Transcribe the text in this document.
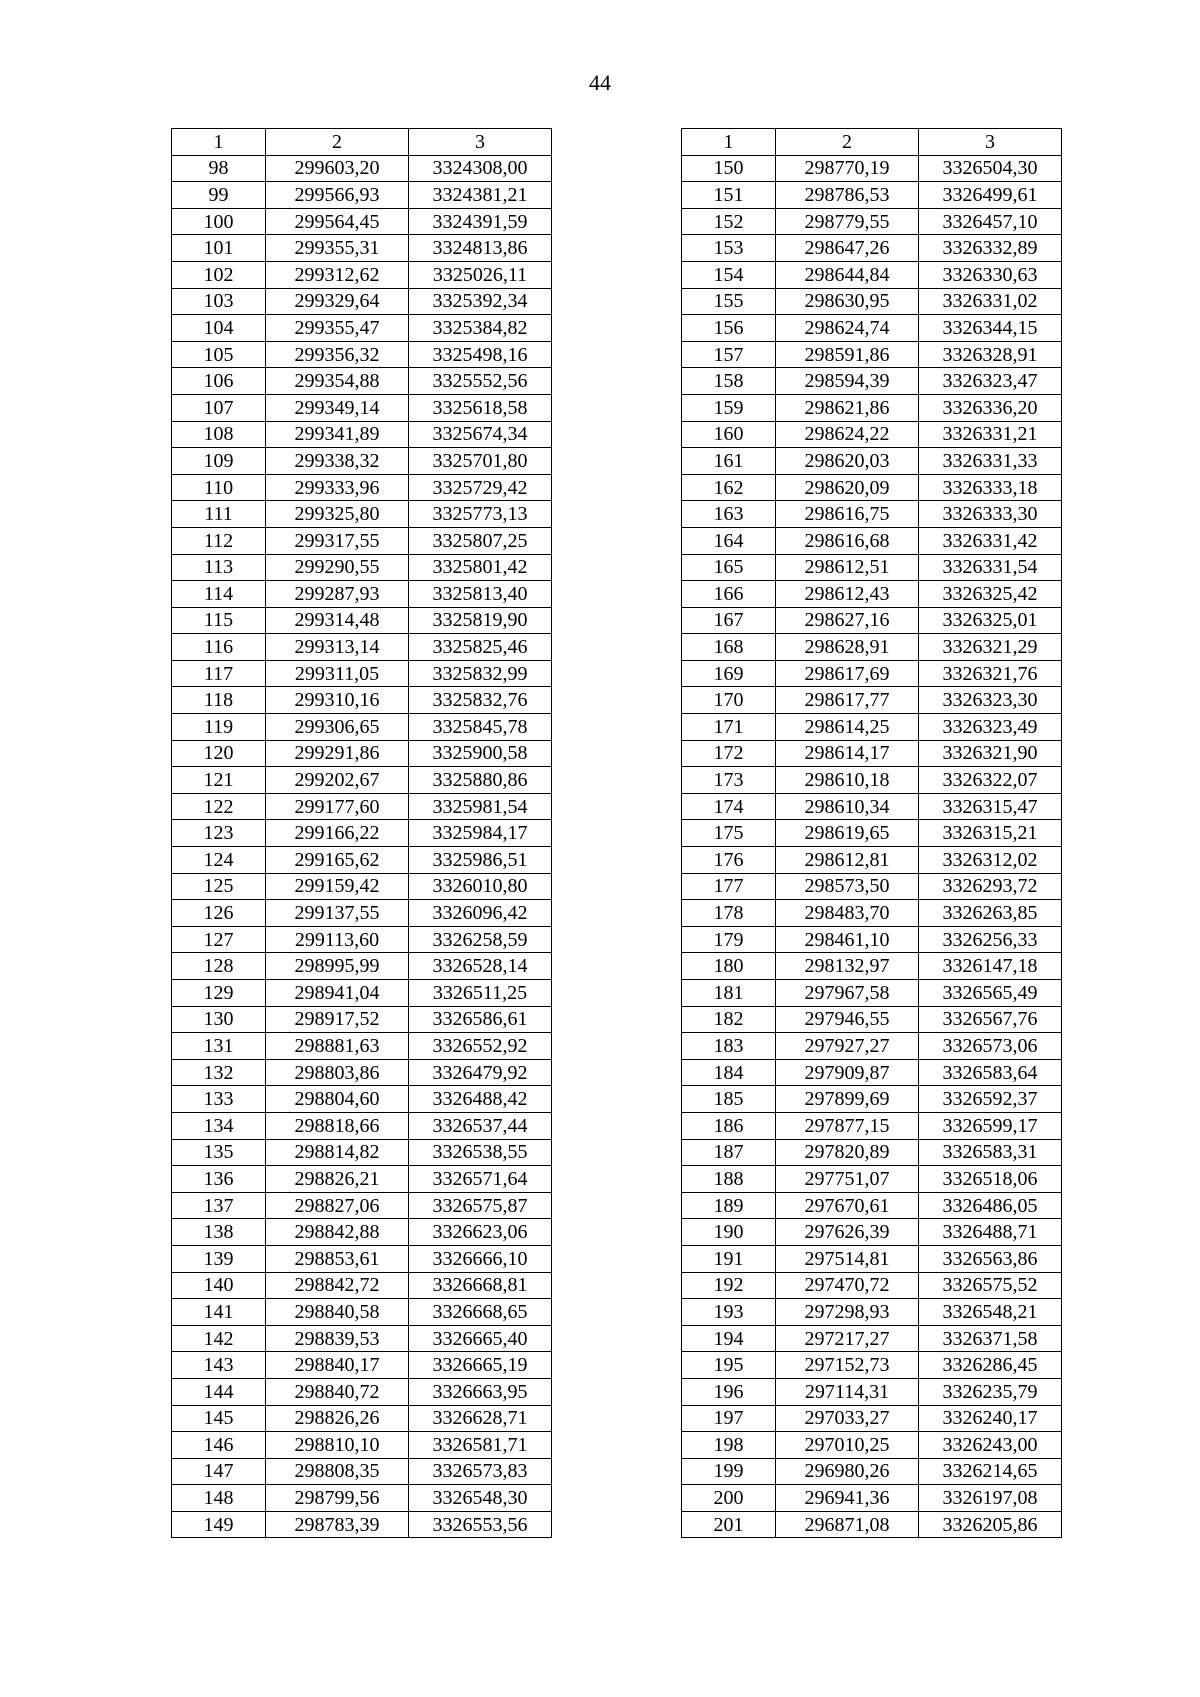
44
1	2	3
98	299603,20	3324308,00
99	299566,93	3324381,21
100	299564,45	3324391,59
101	299355,31	3324813,86
102	299312,62	3325026,11
103	299329,64	3325392,34
104	299355,47	3325384,82
105	299356,32	3325498,16
106	299354,88	3325552,56
107	299349,14	3325618,58
108	299341,89	3325674,34
109	299338,32	3325701,80
110	299333,96	3325729,42
111	299325,80	3325773,13
112	299317,55	3325807,25
113	299290,55	3325801,42
114	299287,93	3325813,40
115	299314,48	3325819,90
116	299313,14	3325825,46
117	299311,05	3325832,99
118	299310,16	3325832,76
119	299306,65	3325845,78
120	299291,86	3325900,58
121	299202,67	3325880,86
122	299177,60	3325981,54
123	299166,22	3325984,17
124	299165,62	3325986,51
125	299159,42	3326010,80
126	299137,55	3326096,42
127	299113,60	3326258,59
128	298995,99	3326528,14
129	298941,04	3326511,25
130	298917,52	3326586,61
131	298881,63	3326552,92
132	298803,86	3326479,92
133	298804,60	3326488,42
134	298818,66	3326537,44
135	298814,82	3326538,55
136	298826,21	3326571,64
137	298827,06	3326575,87
138	298842,88	3326623,06
139	298853,61	3326666,10
140	298842,72	3326668,81
141	298840,58	3326668,65
142	298839,53	3326665,40
143	298840,17	3326665,19
144	298840,72	3326663,95
145	298826,26	3326628,71
146	298810,10	3326581,71
147	298808,35	3326573,83
148	298799,56	3326548,30
149	298783,39	3326553,56
1	2	3
150	298770,19	3326504,30
151	298786,53	3326499,61
152	298779,55	3326457,10
153	298647,26	3326332,89
154	298644,84	3326330,63
155	298630,95	3326331,02
156	298624,74	3326344,15
157	298591,86	3326328,91
158	298594,39	3326323,47
159	298621,86	3326336,20
160	298624,22	3326331,21
161	298620,03	3326331,33
162	298620,09	3326333,18
163	298616,75	3326333,30
164	298616,68	3326331,42
165	298612,51	3326331,54
166	298612,43	3326325,42
167	298627,16	3326325,01
168	298628,91	3326321,29
169	298617,69	3326321,76
170	298617,77	3326323,30
171	298614,25	3326323,49
172	298614,17	3326321,90
173	298610,18	3326322,07
174	298610,34	3326315,47
175	298619,65	3326315,21
176	298612,81	3326312,02
177	298573,50	3326293,72
178	298483,70	3326263,85
179	298461,10	3326256,33
180	298132,97	3326147,18
181	297967,58	3326565,49
182	297946,55	3326567,76
183	297927,27	3326573,06
184	297909,87	3326583,64
185	297899,69	3326592,37
186	297877,15	3326599,17
187	297820,89	3326583,31
188	297751,07	3326518,06
189	297670,61	3326486,05
190	297626,39	3326488,71
191	297514,81	3326563,86
192	297470,72	3326575,52
193	297298,93	3326548,21
194	297217,27	3326371,58
195	297152,73	3326286,45
196	297114,31	3326235,79
197	297033,27	3326240,17
198	297010,25	3326243,00
199	296980,26	3326214,65
200	296941,36	3326197,08
201	296871,08	3326205,86
